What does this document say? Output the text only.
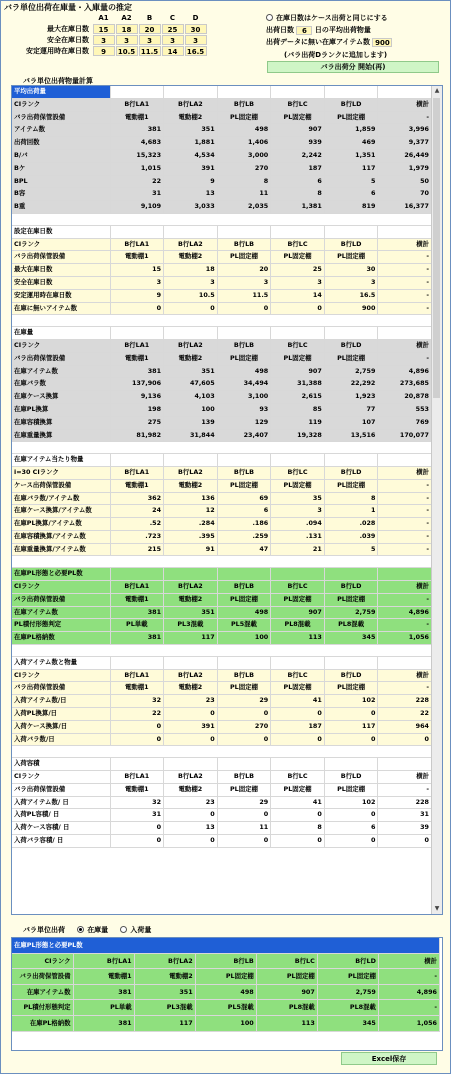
バラ単位出荷在庫量・入庫量の推定
	A1	A2	B	C	D
最大在庫日数	15	18	20	25	30
安全在庫日数	3	3	3	3	3
安定運用時在庫日数	9	10.5	11.5	14	16.5
在庫日数はケース出荷と同じにする
出荷日数 6 日の平均出荷物量
出荷データに無い在庫アイテム数 900
(バラ出荷Dランクに追加します)
バラ出荷分 開始(再)
バラ単位出荷物量計算
平均出荷量						
CIランク	B行LA1	B行LA2	B行LB	B行LC	B行LD	横計
バラ出荷保管設備	電動棚1	電動棚2	PL固定棚	PL固定棚	PL固定棚	-
アイテム数	381	351	498	907	1,859	3,996
出荷回数	4,683	1,881	1,406	939	469	9,377
B/バ	15,323	4,534	3,000	2,242	1,351	26,449
Bケ	1,015	391	270	187	117	1,979
BPL	22	9	8	6	5	50
B容	31	13	11	8	6	70
B重	9,109	3,033	2,035	1,381	819	16,377

設定在庫日数						
CIランク	B行LA1	B行LA2	B行LB	B行LC	B行LD	横計
バラ出荷保管設備	電動棚1	電動棚2	PL固定棚	PL固定棚	PL固定棚	-
最大在庫日数	15	18	20	25	30	-
安全在庫日数	3	3	3	3	3	-
安定運用時在庫日数	9	10.5	11.5	14	16.5	-
在庫に無いアイテム数	0	0	0	0	900	-

在庫量						
CIランク	B行LA1	B行LA2	B行LB	B行LC	B行LD	横計
バラ出荷保管設備	電動棚1	電動棚2	PL固定棚	PL固定棚	PL固定棚	-
在庫アイテム数	381	351	498	907	2,759	4,896
在庫バラ数	137,906	47,605	34,494	31,388	22,292	273,685
在庫ケース換算	9,136	4,103	3,100	2,615	1,923	20,878
在庫PL換算	198	100	93	85	77	553
在庫容積換算	275	139	129	119	107	769
在庫重量換算	81,982	31,844	23,407	19,328	13,516	170,077

在庫アイテム当たり物量						
i=30 CIランク	B行LA1	B行LA2	B行LB	B行LC	B行LD	横計
ケース出荷保管設備	電動棚1	電動棚2	PL固定棚	PL固定棚	PL固定棚	-
在庫バラ数/アイテム数	362	136	69	35	8	-
在庫ケース換算/アイテム数	24	12	6	3	1	-
在庫PL換算/アイテム数	.52	.284	.186	.094	.028	-
在庫容積換算/アイテム数	.723	.395	.259	.131	.039	-
在庫重量換算/アイテム数	215	91	47	21	5	-

在庫PL形態と必要PL数						
CIランク	B行LA1	B行LA2	B行LB	B行LC	B行LD	横計
バラ出荷保管設備	電動棚1	電動棚2	PL固定棚	PL固定棚	PL固定棚	-
在庫アイテム数	381	351	498	907	2,759	4,896
PL積付形態判定	PL単載	PL3混載	PL5混載	PL8混載	PL8混載	-
在庫PL格納数	381	117	100	113	345	1,056

入荷アイテム数と物量						
CIランク	B行LA1	B行LA2	B行LB	B行LC	B行LD	横計
バラ出荷保管設備	電動棚1	電動棚2	PL固定棚	PL固定棚	PL固定棚	-
入荷アイテム数/日	32	23	29	41	102	228
入荷PL換算/日	22	0	0	0	0	22
入荷ケース換算/日	0	391	270	187	117	964
入荷バラ数/日	0	0	0	0	0	0

入荷容積						
CIランク	B行LA1	B行LA2	B行LB	B行LC	B行LD	横計
バラ出荷保管設備	電動棚1	電動棚2	PL固定棚	PL固定棚	PL固定棚	-
入荷アイテム数/ 日	32	23	29	41	102	228
入荷PL容積/ 日	31	0	0	0	0	31
入荷ケース容積/ 日	0	13	11	8	6	39
入荷バラ容積/ 日	0	0	0	0	0	0
▲
▼
バラ単位出荷	在庫量	入荷量
在庫PL形態と必要PL数						
CIランク	B行LA1	B行LA2	B行LB	B行LC	B行LD	横計
バラ出荷保管設備	電動棚1	電動棚2	PL固定棚	PL固定棚	PL固定棚	-
在庫アイテム数	381	351	498	907	2,759	4,896
PL積付形態判定	PL単載	PL3混載	PL5混載	PL8混載	PL8混載	-
在庫PL格納数	381	117	100	113	345	1,056
Excel保存
